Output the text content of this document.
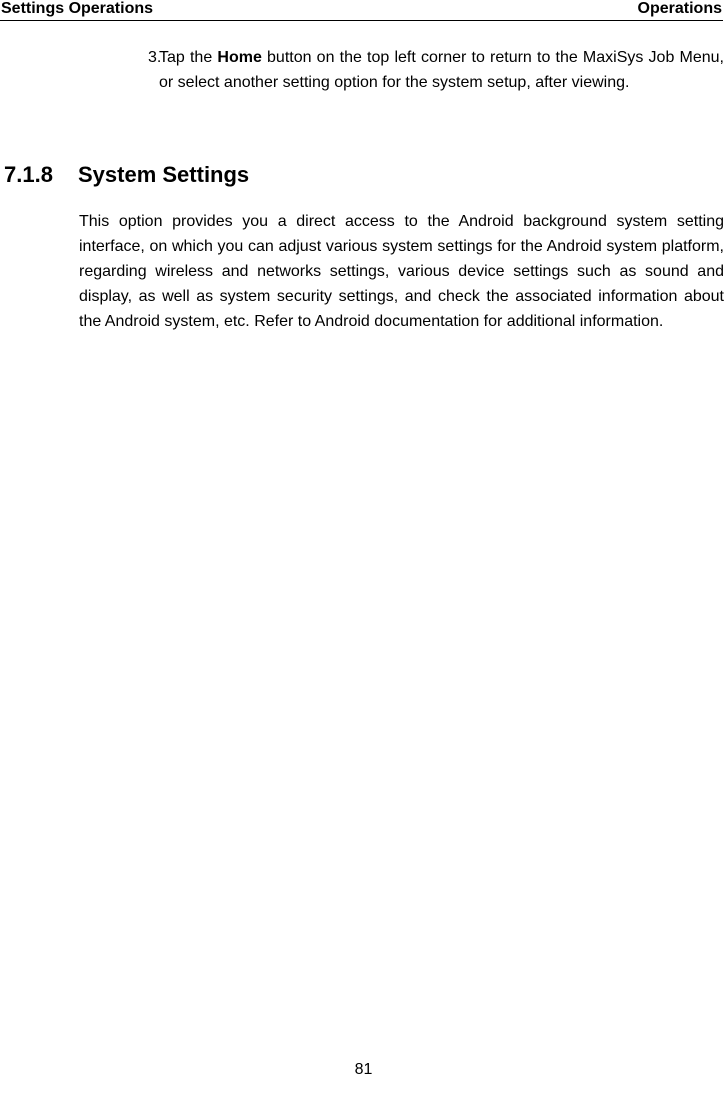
Settings Operations	Operations
3.
Tap the Home button on the top left corner to return to the MaxiSys Job Menu, or select another setting option for the system setup, after viewing.
7.1.8 System Settings
This option provides you a direct access to the Android background system setting interface, on which you can adjust various system settings for the Android system platform, regarding wireless and networks settings, various device settings such as sound and display, as well as system security settings, and check the associated information about the Android system, etc. Refer to Android documentation for additional information.
81
